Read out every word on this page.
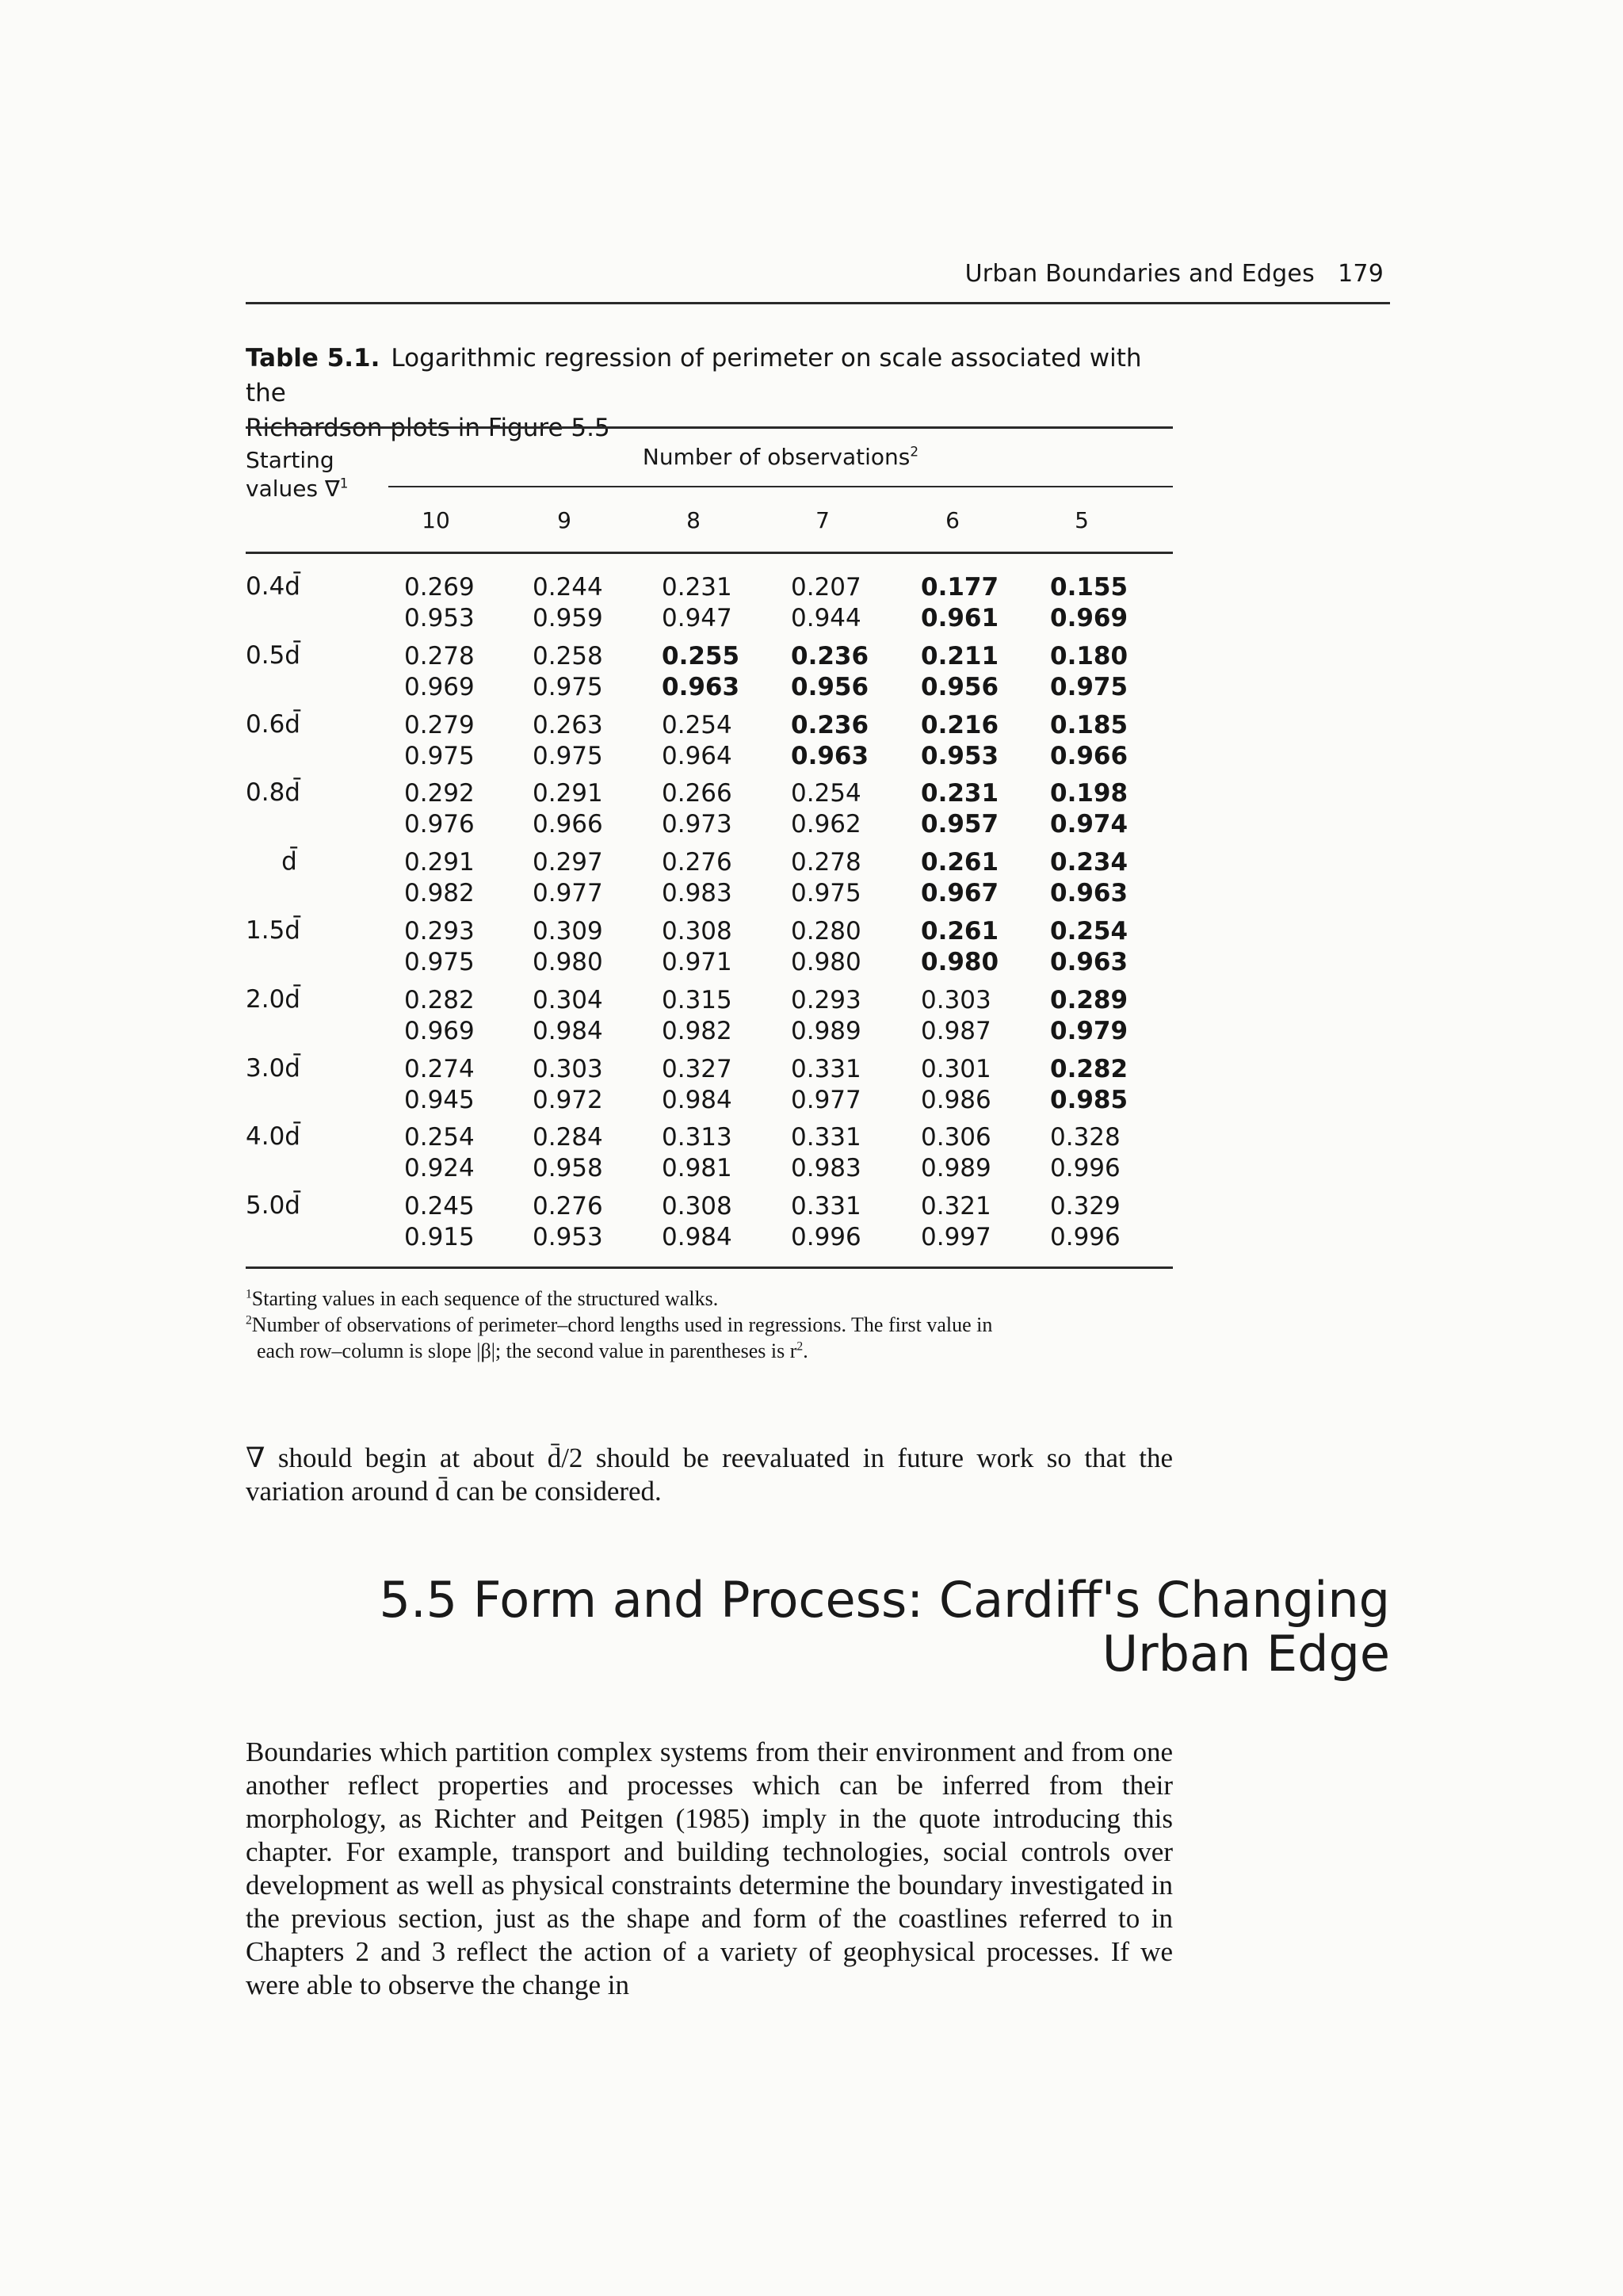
Urban Boundaries and Edges 179
Table 5.1. Logarithmic regression of perimeter on scale associated with the
Richardson plots in Figure 5.5
Starting
values ∇$^1$
Number of observations$^2$
10	9	8	7	6	5
0.4d̄	0.269	0.244	0.231	0.207	0.177	0.155
0.953	0.959	0.947	0.944	0.961	0.969
0.5d̄	0.278	0.258	0.255	0.236	0.211	0.180
0.969	0.975	0.963	0.956	0.956	0.975
0.6d̄	0.279	0.263	0.254	0.236	0.216	0.185
0.975	0.975	0.964	0.963	0.953	0.966
0.8d̄	0.292	0.291	0.266	0.254	0.231	0.198
0.976	0.966	0.973	0.962	0.957	0.974
d̄	0.291	0.297	0.276	0.278	0.261	0.234
0.982	0.977	0.983	0.975	0.967	0.963
1.5d̄	0.293	0.309	0.308	0.280	0.261	0.254
0.975	0.980	0.971	0.980	0.980	0.963
2.0d̄	0.282	0.304	0.315	0.293	0.303	0.289
0.969	0.984	0.982	0.989	0.987	0.979
3.0d̄	0.274	0.303	0.327	0.331	0.301	0.282
0.945	0.972	0.984	0.977	0.986	0.985
4.0d̄	0.254	0.284	0.313	0.331	0.306	0.328
0.924	0.958	0.981	0.983	0.989	0.996
5.0d̄	0.245	0.276	0.308	0.331	0.321	0.329
0.915	0.953	0.984	0.996	0.997	0.996

$^1$Starting values in each sequence of the structured walks.

$^2$Number of observations of perimeter–chord lengths used in regressions. The first value in

each row–column is slope |β|; the second value in parentheses is $r^2$.

∇ should begin at about d̄/2 should be reevaluated in future work so that the variation around d̄ can be considered.

5.5 Form and Process: Cardiff's Changing
Urban Edge

Boundaries which partition complex systems from their environment and from one another reflect properties and processes which can be inferred from their morphology, as Richter and Peitgen (1985) imply in the quote introducing this chapter. For example, transport and building technologies, social controls over development as well as physical constraints determine the boundary investigated in the previous section, just as the shape and form of the coastlines referred to in Chapters 2 and 3 reflect the action of a variety of geophysical processes. If we were able to observe the change in
